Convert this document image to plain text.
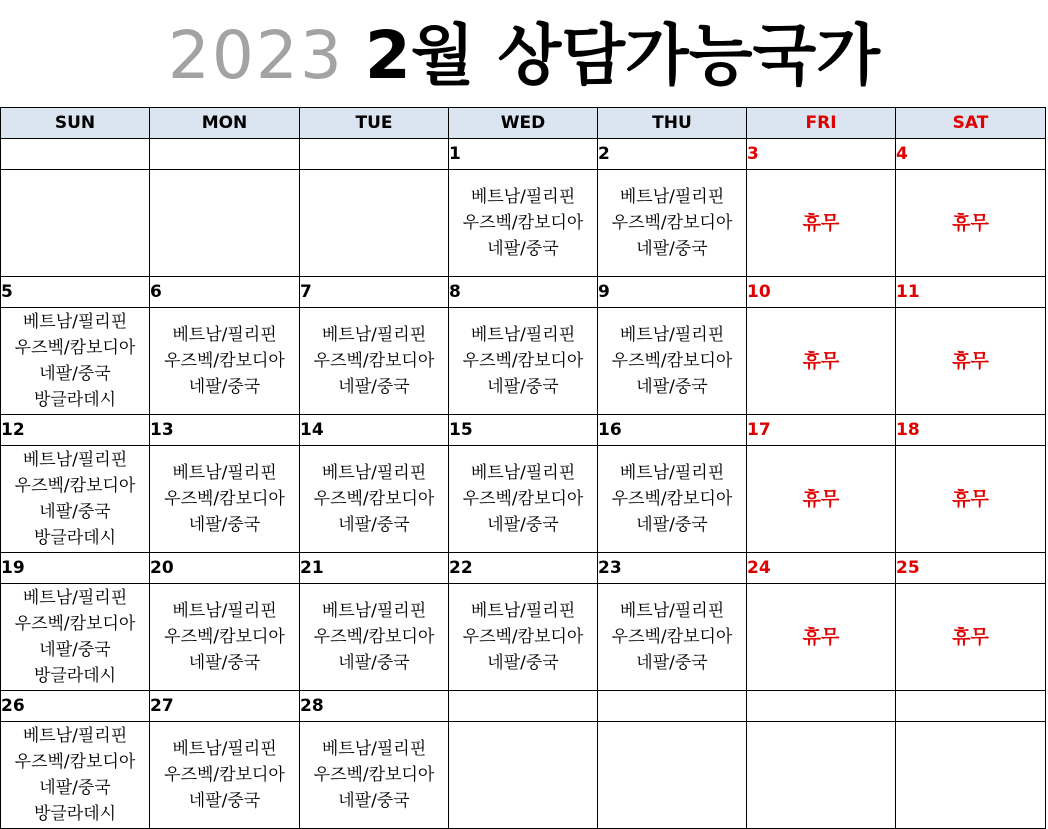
2023 2월 상담가능국가
SUN	MON	TUE	WED	THU	FRI	SAT
			1	2	3	4

			베트남/필리핀
우즈벡/캄보디아
네팔/중국	베트남/필리핀
우즈벡/캄보디아
네팔/중국	휴무	휴무

5	6	7	8	9	10	11

베트남/필리핀
우즈벡/캄보디아
네팔/중국
방글라데시	베트남/필리핀
우즈벡/캄보디아
네팔/중국	베트남/필리핀
우즈벡/캄보디아
네팔/중국	베트남/필리핀
우즈벡/캄보디아
네팔/중국	베트남/필리핀
우즈벡/캄보디아
네팔/중국	휴무	휴무

12	13	14	15	16	17	18

베트남/필리핀
우즈벡/캄보디아
네팔/중국
방글라데시	베트남/필리핀
우즈벡/캄보디아
네팔/중국	베트남/필리핀
우즈벡/캄보디아
네팔/중국	베트남/필리핀
우즈벡/캄보디아
네팔/중국	베트남/필리핀
우즈벡/캄보디아
네팔/중국	휴무	휴무

19	20	21	22	23	24	25

베트남/필리핀
우즈벡/캄보디아
네팔/중국
방글라데시	베트남/필리핀
우즈벡/캄보디아
네팔/중국	베트남/필리핀
우즈벡/캄보디아
네팔/중국	베트남/필리핀
우즈벡/캄보디아
네팔/중국	베트남/필리핀
우즈벡/캄보디아
네팔/중국	휴무	휴무

26	27	28				

베트남/필리핀
우즈벡/캄보디아
네팔/중국
방글라데시	베트남/필리핀
우즈벡/캄보디아
네팔/중국	베트남/필리핀
우즈벡/캄보디아
네팔/중국				
